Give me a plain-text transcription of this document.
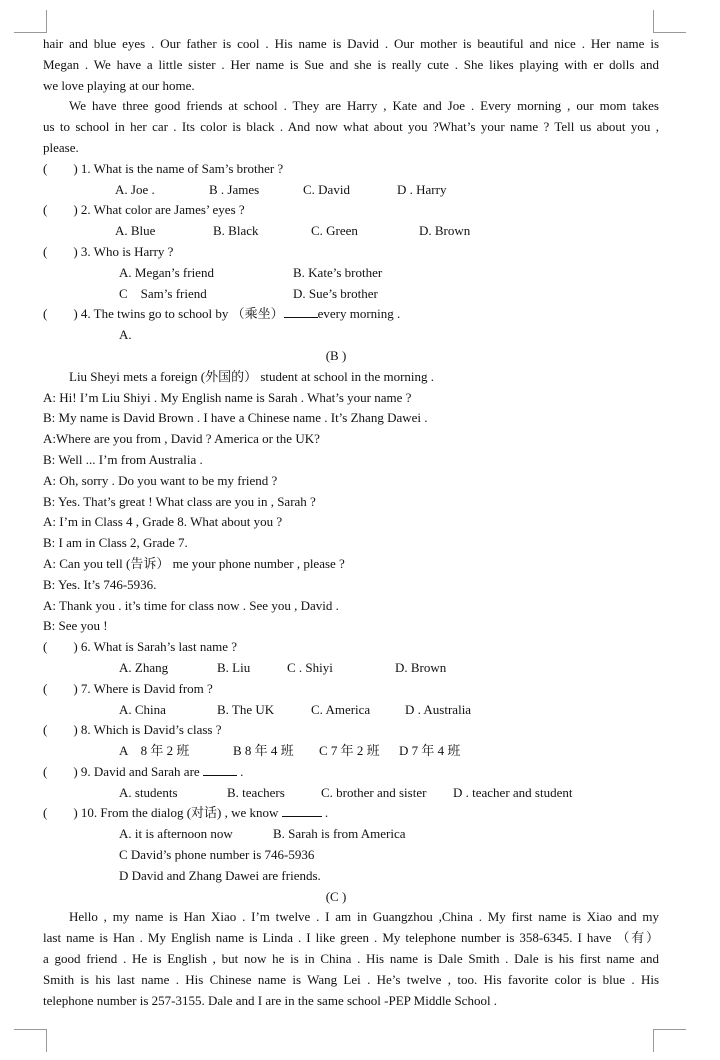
hair and blue eyes . Our father is cool . His name is David . Our mother is beautiful and nice . Her name is
Megan . We have a little sister . Her name is Sue and she is really cute . She likes playing with er dolls and
we love playing at our home.
We have three good friends at school . They are Harry , Kate and Joe . Every morning , our mom takes
us to school in her car . Its color is black . And now what about you ?What’s your name ? Tell us about you ,
please.
(　　) 1. What is the name of Sam’s brother ?
A. Joe .	B . James	C. David	D . Harry
(　　) 2. What color are James’ eyes ?
A. Blue	B. Black	C. Green	D. Brown
(　　) 3. Who is Harry ?
A. Megan’s friend	B. Kate’s brother
C　Sam’s friend	D. Sue’s brother
(　　) 4. The twins go to school by （乘坐）	every morning .
A.
(B )
Liu Sheyi mets a foreign (外国的） student at school in the morning .
A: Hi! I’m Liu Shiyi . My English name is Sarah . What’s your name ?
B: My name is David Brown . I have a Chinese name . It’s Zhang Dawei .
A:Where are you from , David ? America or the UK?
B: Well ... I’m from Australia .
A: Oh, sorry . Do you want to be my friend ?
B: Yes. That’s great ! What class are you in , Sarah ?
A: I’m in Class 4 , Grade 8. What about you ?
B: I am in Class 2, Grade 7.
A: Can you tell (告诉） me your phone number , please ?
B: Yes. It’s 746-5936.
A: Thank you . it’s time for class now . See you , David .
B: See you !
(　　) 6. What is Sarah’s last name ?
A. Zhang	B. Liu	C . Shiyi	D. Brown
(　　) 7. Where is David from ?
A. China	B. The UK	C. America	D . Australia
(　　) 8. Which is David’s class ?
A　8 年 2 班	B 8 年 4 班 C 7 年 2 班 D 7 年 4 班
(　　) 9. David and Sarah are	.
A. students	B. teachers	C. brother and sister D . teacher and student
(　　) 10. From the dialog (对话) , we know	.
A. it is afternoon now	B. Sarah is from America
C David’s phone number is 746-5936
D David and Zhang Dawei are friends.
(C )
Hello , my name is Han Xiao . I’m twelve . I am in Guangzhou ,China . My first name is Xiao and my
last name is Han . My English name is Linda . I like green . My telephone number is 358-6345. I have （有）
a good friend . He is English , but now he is in China . His name is Dale Smith . Dale is his first name and
Smith is his last name . His Chinese name is Wang Lei . He’s twelve , too. His favorite color is blue . His
telephone number is 257-3155. Dale and I are in the same school -PEP Middle School .
